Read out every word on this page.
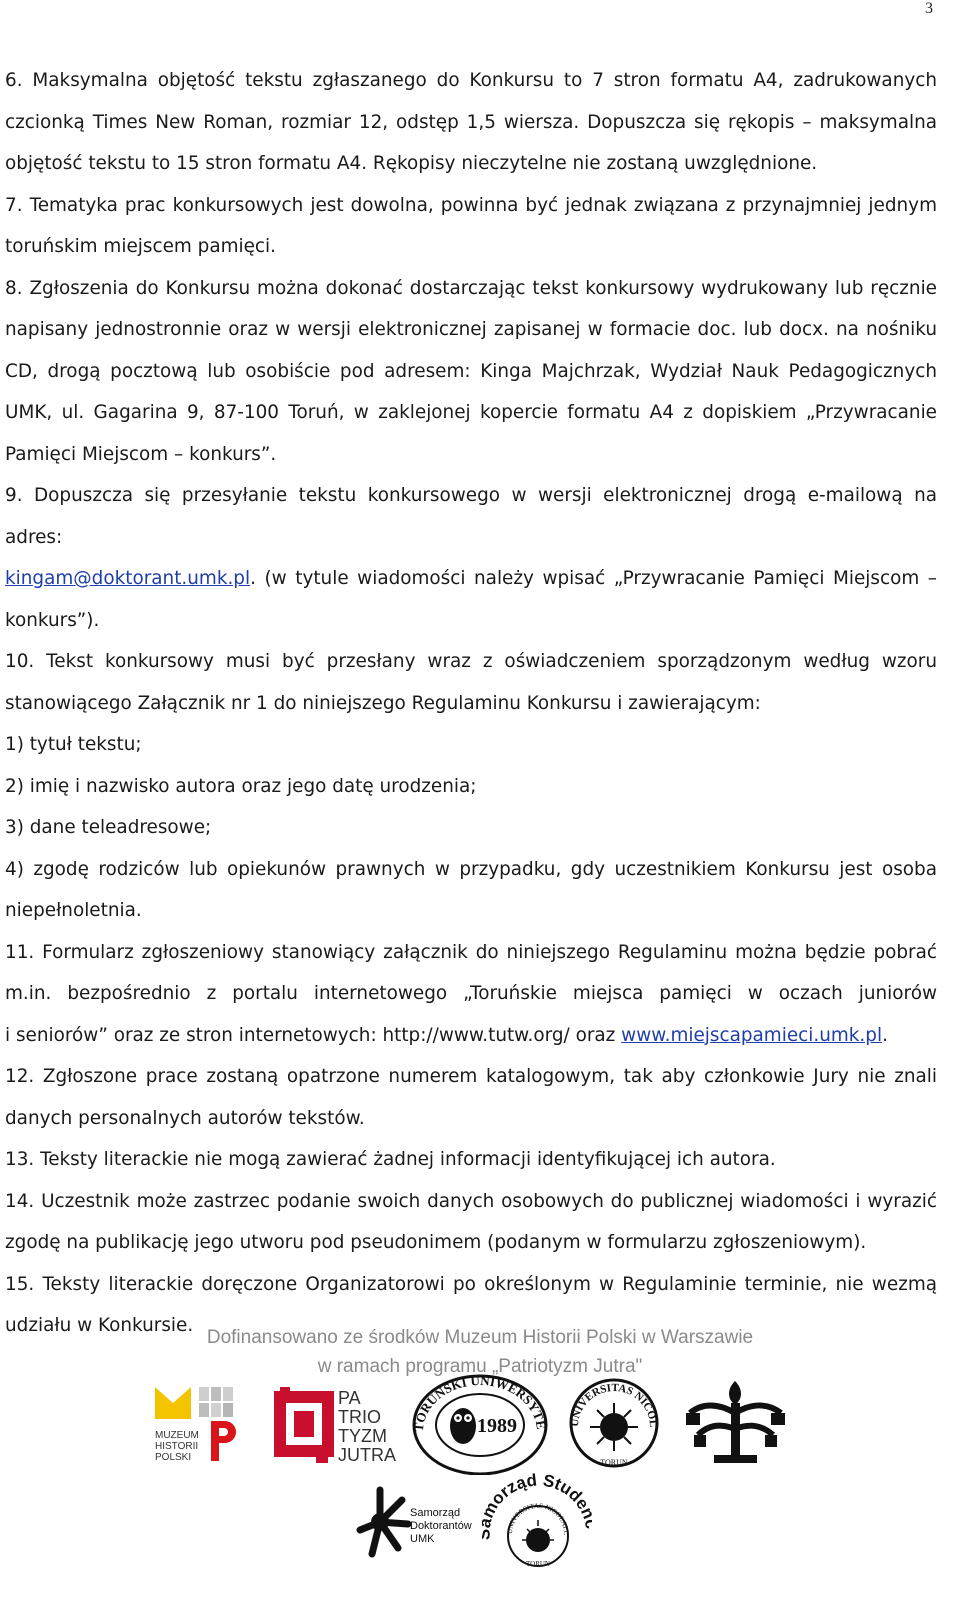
3

6. Maksymalna objętość tekstu zgłaszanego do Konkursu to 7 stron formatu A4, zadrukowanych

czcionką Times New Roman, rozmiar 12, odstęp 1,5 wiersza. Dopuszcza się rękopis – maksymalna

objętość tekstu to 15 stron formatu A4. Rękopisy nieczytelne nie zostaną uwzględnione.

7. Tematyka prac konkursowych jest dowolna, powinna być jednak związana z przynajmniej jednym

toruńskim miejscem pamięci.

8. Zgłoszenia do Konkursu można dokonać dostarczając tekst konkursowy wydrukowany lub ręcznie

napisany jednostronnie oraz w wersji elektronicznej zapisanej w formacie doc. lub docx. na nośniku

CD, drogą pocztową lub osobiście pod adresem: Kinga Majchrzak, Wydział Nauk Pedagogicznych

UMK, ul. Gagarina 9, 87-100 Toruń, w zaklejonej kopercie formatu A4 z dopiskiem „Przywracanie

Pamięci Miejscom – konkurs”.

9. Dopuszcza się przesyłanie tekstu konkursowego w wersji elektronicznej drogą e-mailową na adres:

kingam@doktorant.umk.pl. (w tytule wiadomości należy wpisać „Przywracanie Pamięci Miejscom –

konkurs”).

10. Tekst konkursowy musi być przesłany wraz z oświadczeniem sporządzonym według wzoru

stanowiącego Załącznik nr 1 do niniejszego Regulaminu Konkursu i zawierającym:

1) tytuł tekstu;

2) imię i nazwisko autora oraz jego datę urodzenia;

3) dane teleadresowe;

4) zgodę rodziców lub opiekunów prawnych w przypadku, gdy uczestnikiem Konkursu jest osoba

niepełnoletnia.

11. Formularz zgłoszeniowy stanowiący załącznik do niniejszego Regulaminu można będzie pobrać

m.in. bezpośrednio z portalu internetowego „Toruńskie miejsca pamięci w oczach juniorów

i seniorów” oraz ze stron internetowych: http://www.tutw.org/ oraz www.miejscapamieci.umk.pl.

12. Zgłoszone prace zostaną opatrzone numerem katalogowym, tak aby członkowie Jury nie znali

danych personalnych autorów tekstów.

13. Teksty literackie nie mogą zawierać żadnej informacji identyfikującej ich autora.

14. Uczestnik może zastrzec podanie swoich danych osobowych do publicznej wiadomości i wyrazić

zgodę na publikację jego utworu pod pseudonimem (podanym w formularzu zgłoszeniowym).

15. Teksty literackie doręczone Organizatorowi po określonym w Regulaminie terminie, nie wezmą

udziału w Konkursie.

Dofinansowano ze środków Muzeum Historii Polski w Warszawie
w ramach programu „Patriotyzm Jutra"
MUZEUM
HISTORII
POLSKI
PA
TRIO
TYZM
JUTRA
TORUŃSKI UNIWERSYTE
1989	UNIVERSITAS NICOL
TORUN
Samorząd
Doktorantów
UMK
orząd Stude
UNIVERSITAS NICOLAI C
TORUN
